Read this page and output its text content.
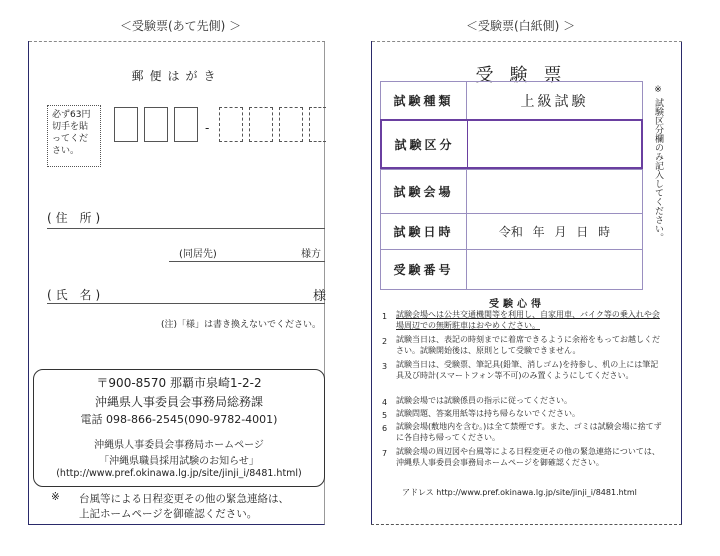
＜受験票(あて先側) ＞	＜受験票(白紙側) ＞
郵便はがき
必ず63円
切手を貼
ってくだ
さい。
-
(住 所)
(同居先)	様方
(氏 名)	様
(注)「様」は書き換えないでください。
〒900-8570 那覇市泉崎1-2-2
沖縄県人事委員会事務局総務課
電話 098-866-2545(090-9782-4001)
沖縄県人事委員会事務局ホームページ
「沖縄県職員採用試験のお知らせ」
(http://www.pref.okinawa.lg.jp/site/jinji_i/8481.html)
※ 台風等による日程変更その他の緊急連絡は、
上記ホームページを御確認ください。
受験票
試験種類	上級試験
試験区分
試験会場
試験日時	令和 年 月 日 時
受験番号
※ 試験区分欄のみ記入してください。
受験心得
1 試験会場へは公共交通機関等を利用し、自家用車、バイク等の乗入れや会場周辺での無断駐車はおやめください。
2 試験当日は、表記の時刻までに着席できるように余裕をもってお越しください。試験開始後は、原則として受験できません。
3 試験当日は、受験票、筆記具(鉛筆、消しゴム)を持参し、机の上には筆記具及び時計(スマートフォン等不可)のみ置くようにしてください。
4 試験会場では試験係員の指示に従ってください。
5 試験問題、答案用紙等は持ち帰らないでください。
6 試験会場(敷地内を含む。)は全て禁煙です。また、ゴミは試験会場に捨てずに各自持ち帰ってください。
7 試験会場の周辺図や台風等による日程変更その他の緊急連絡については、沖縄県人事委員会事務局ホームページを御確認ください。
アドレス http://www.pref.okinawa.lg.jp/site/jinji_i/8481.html
